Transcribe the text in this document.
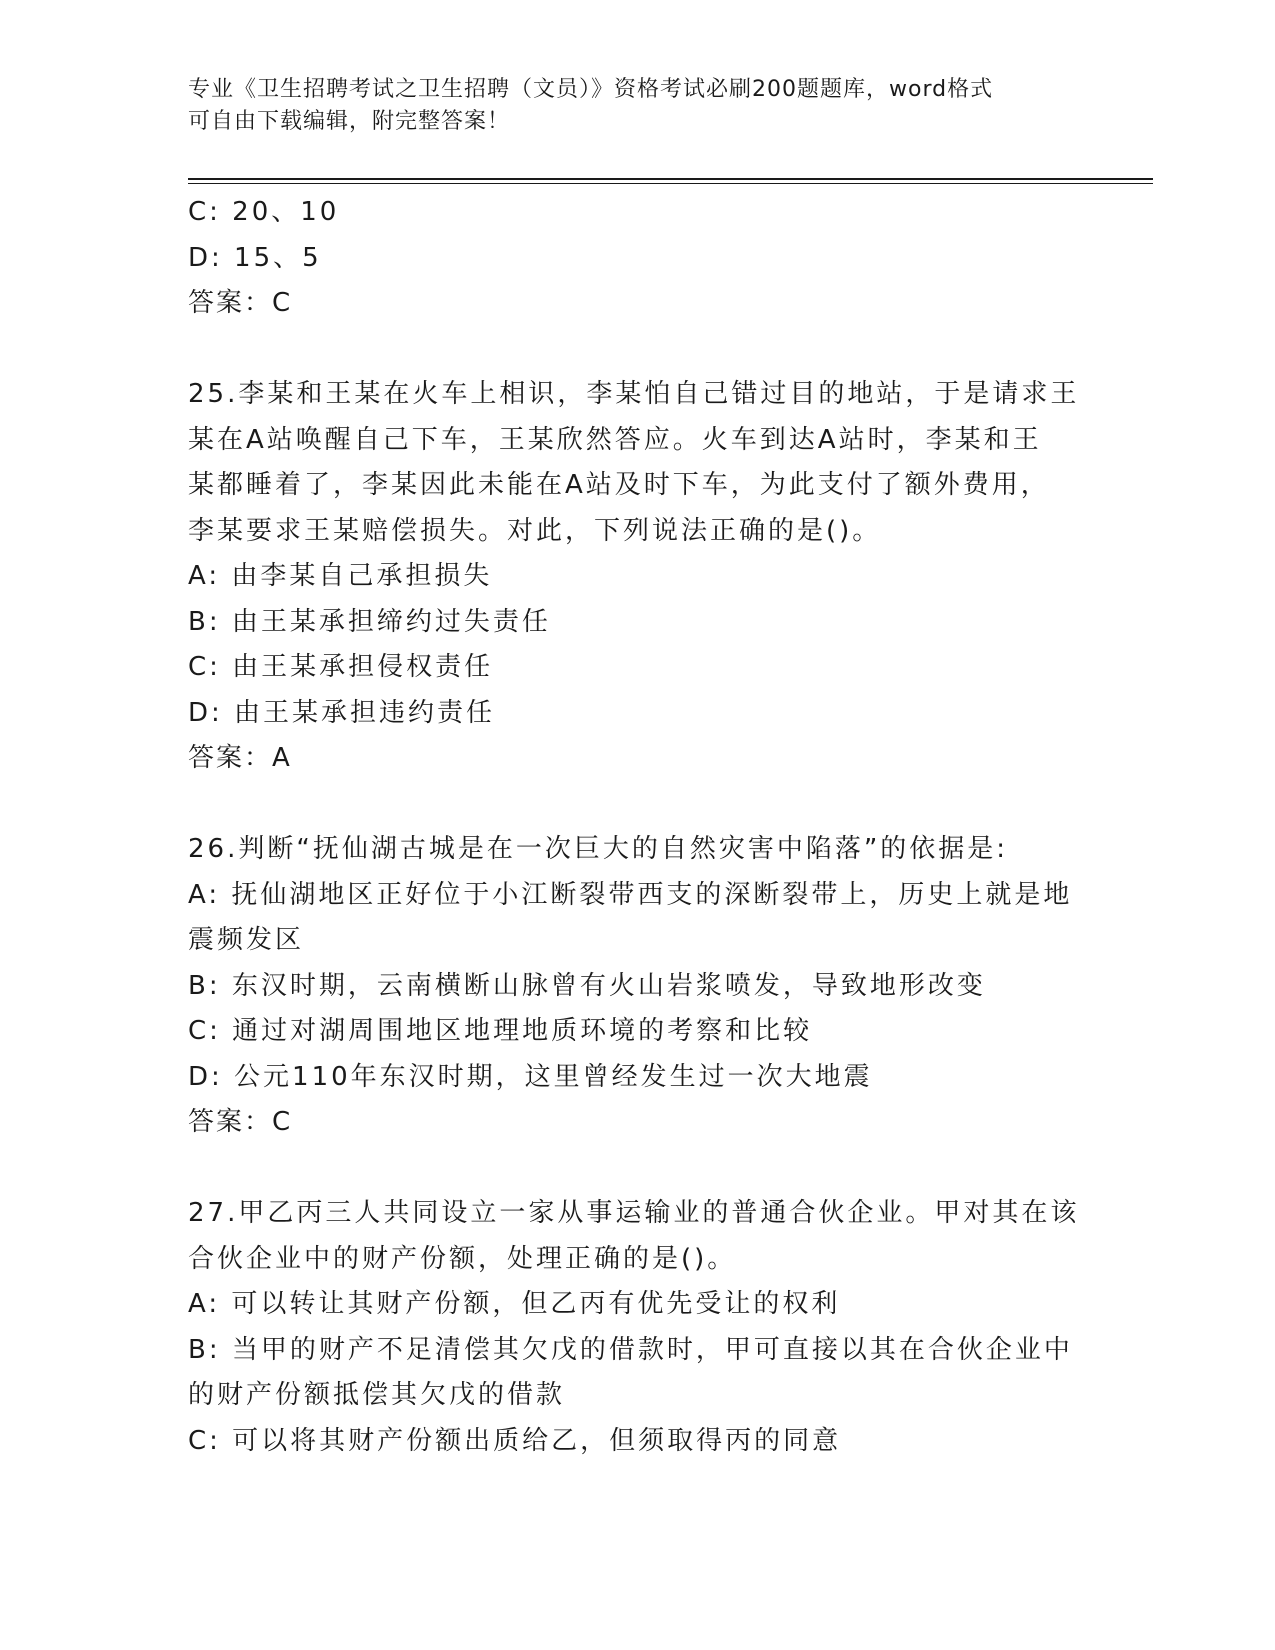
专业《卫生招聘考试之卫生招聘（文员）》资格考试必刷200题题库，word格式
可自由下载编辑，附完整答案！
C: 20、10
D: 15、5
答案：C
25.李某和王某在火车上相识，李某怕自己错过目的地站，于是请求王
某在A站唤醒自己下车，王某欣然答应。火车到达A站时，李某和王
某都睡着了，李某因此未能在A站及时下车，为此支付了额外费用，
李某要求王某赔偿损失。对此，下列说法正确的是()。
A: 由李某自己承担损失
B: 由王某承担缔约过失责任
C: 由王某承担侵权责任
D: 由王某承担违约责任
答案：A
26.判断“抚仙湖古城是在一次巨大的自然灾害中陷落”的依据是:
A: 抚仙湖地区正好位于小江断裂带西支的深断裂带上，历史上就是地
震频发区
B: 东汉时期，云南横断山脉曾有火山岩浆喷发，导致地形改变
C: 通过对湖周围地区地理地质环境的考察和比较
D: 公元110年东汉时期，这里曾经发生过一次大地震
答案：C
27.甲乙丙三人共同设立一家从事运输业的普通合伙企业。甲对其在该
合伙企业中的财产份额，处理正确的是()。
A: 可以转让其财产份额，但乙丙有优先受让的权利
B: 当甲的财产不足清偿其欠戊的借款时，甲可直接以其在合伙企业中
的财产份额抵偿其欠戊的借款
C: 可以将其财产份额出质给乙，但须取得丙的同意
